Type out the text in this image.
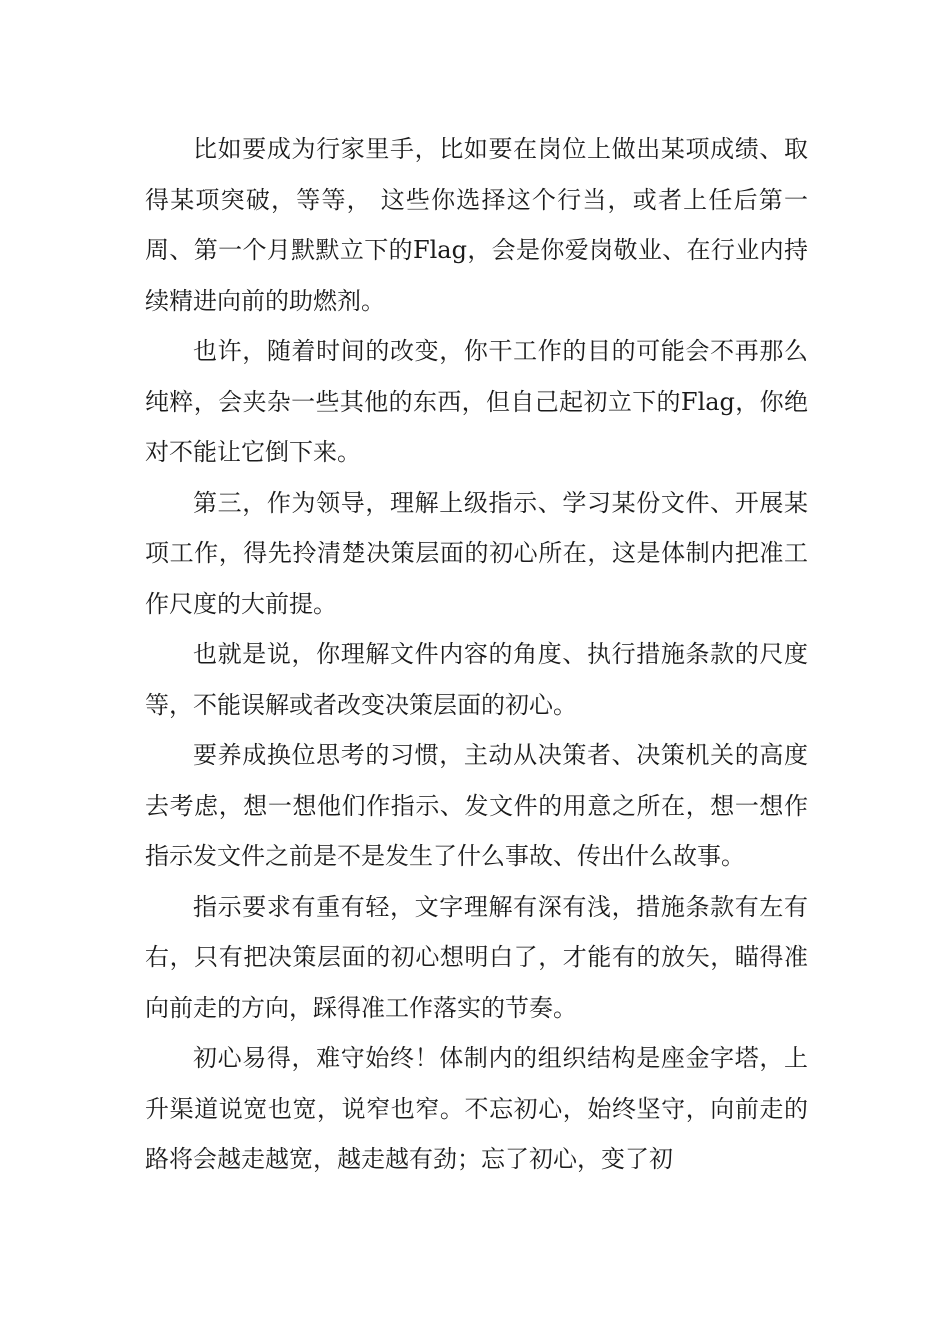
比如要成为行家里手，比如要在岗位上做出某项成绩、取得某项突破，等等， 这些你选择这个行当，或者上任后第一周、第一个月默默立下的Flag，会是你爱岗敬业、在行业内持续精进向前的助燃剂。

也许，随着时间的改变，你干工作的目的可能会不再那么纯粹，会夹杂一些其他的东西，但自己起初立下的Flag，你绝对不能让它倒下来。

第三，作为领导，理解上级指示、学习某份文件、开展某项工作，得先拎清楚决策层面的初心所在，这是体制内把准工作尺度的大前提。

也就是说，你理解文件内容的角度、执行措施条款的尺度等，不能误解或者改变决策层面的初心。

要养成换位思考的习惯，主动从决策者、决策机关的高度去考虑，想一想他们作指示、发文件的用意之所在，想一想作指示发文件之前是不是发生了什么事故、传出什么故事。

指示要求有重有轻，文字理解有深有浅，措施条款有左有右，只有把决策层面的初心想明白了，才能有的放矢，瞄得准向前走的方向，踩得准工作落实的节奏。

初心易得，难守始终！体制内的组织结构是座金字塔，上升渠道说宽也宽，说窄也窄。不忘初心，始终坚守，向前走的路将会越走越宽，越走越有劲；忘了初心，变了初
